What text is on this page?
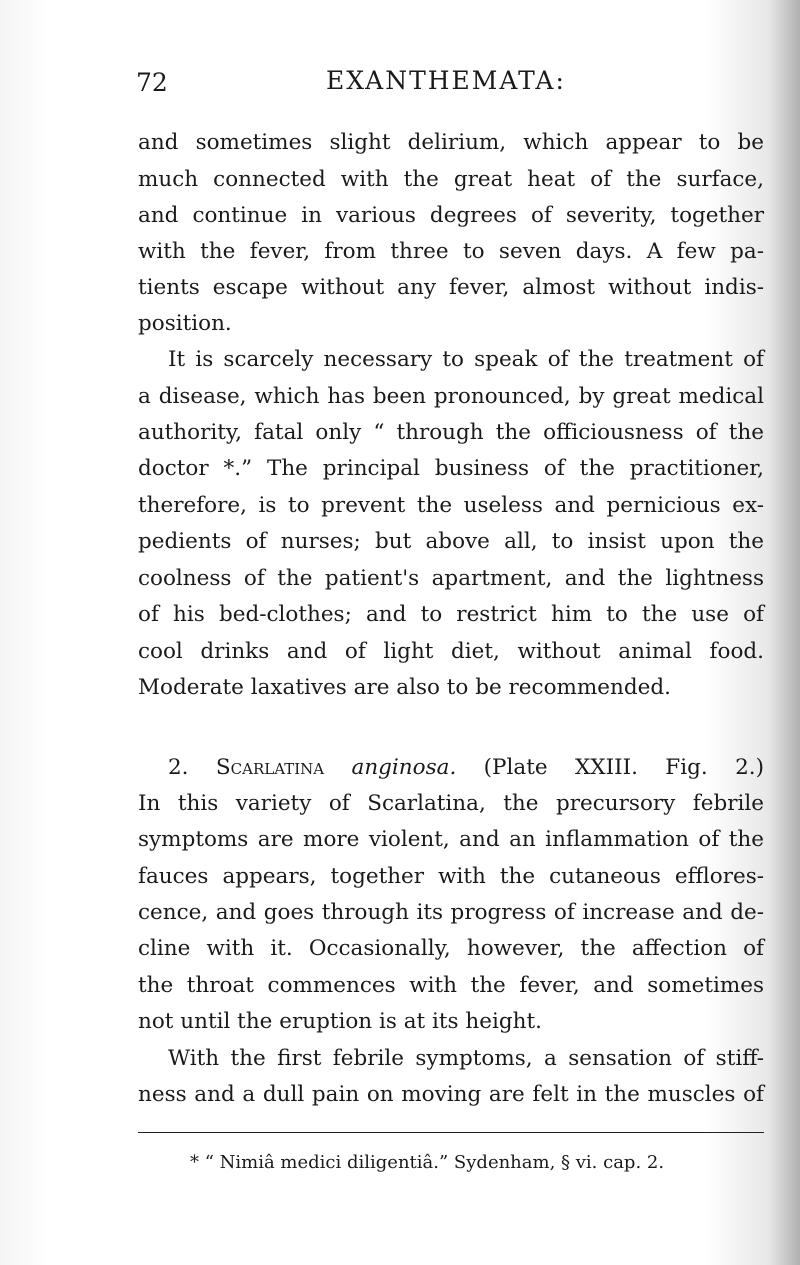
72	EXANTHEMATA:
and sometimes slight delirium, which appear to be
much connected with the great heat of the surface,
and continue in various degrees of severity, together
with the fever, from three to seven days. A few pa-
tients escape without any fever, almost without indis-
position.
It is scarcely necessary to speak of the treatment of
a disease, which has been pronounced, by great medical
authority, fatal only “ through the officiousness of the
doctor *.” The principal business of the practitioner,
therefore, is to prevent the useless and pernicious ex-
pedients of nurses; but above all, to insist upon the
coolness of the patient's apartment, and the lightness
of his bed-clothes; and to restrict him to the use of
cool drinks and of light diet, without animal food.
Moderate laxatives are also to be recommended.
2. Scarlatina anginosa. (Plate XXIII. Fig. 2.)
In this variety of Scarlatina, the precursory febrile
symptoms are more violent, and an inflammation of the
fauces appears, together with the cutaneous efflores-
cence, and goes through its progress of increase and de-
cline with it. Occasionally, however, the affection of
the throat commences with the fever, and sometimes
not until the eruption is at its height.
With the first febrile symptoms, a sensation of stiff-
ness and a dull pain on moving are felt in the muscles of
* “ Nimiâ medici diligentiâ.” Sydenham, § vi. cap. 2.
